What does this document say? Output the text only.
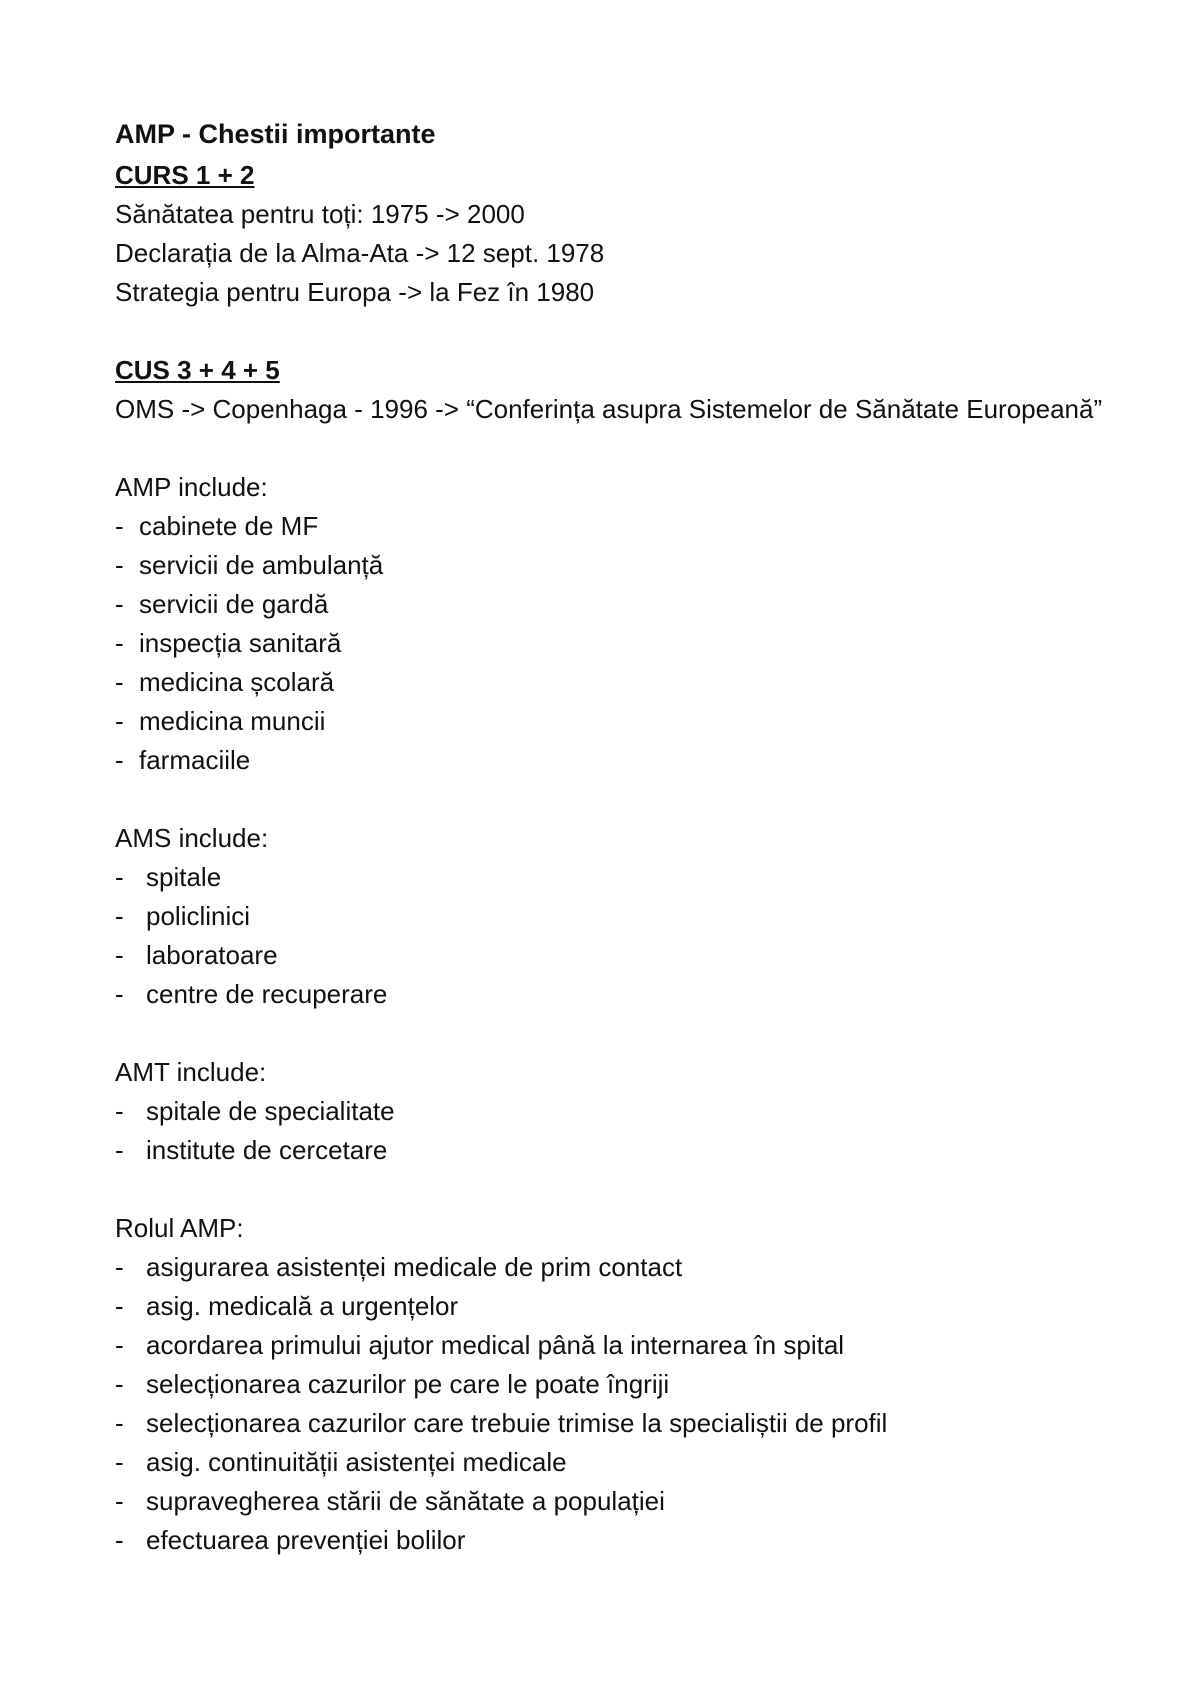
AMP - Chestii importante

CURS 1 + 2

Sănătatea pentru toți: 1975 -> 2000

Declarația de la Alma-Ata -> 12 sept. 1978

Strategia pentru Europa -> la Fez în 1980

CUS 3 + 4 + 5

OMS -> Copenhaga - 1996 -> “Conferința asupra Sistemelor de Sănătate Europeană”

AMP include:

- cabinete de MF
- servicii de ambulanță
- servicii de gardă
- inspecția sanitară
- medicina școlară
- medicina muncii
- farmaciile

AMS include:

- spitale
- policlinici
- laboratoare
- centre de recuperare

AMT include:

- spitale de specialitate
- institute de cercetare

Rolul AMP:

- asigurarea asistenței medicale de prim contact
- asig. medicală a urgențelor
- acordarea primului ajutor medical până la internarea în spital
- selecționarea cazurilor pe care le poate îngriji
- selecționarea cazurilor care trebuie trimise la specialiștii de profil
- asig. continuității asistenței medicale
- supravegherea stării de sănătate a populației
- efectuarea prevenției bolilor
